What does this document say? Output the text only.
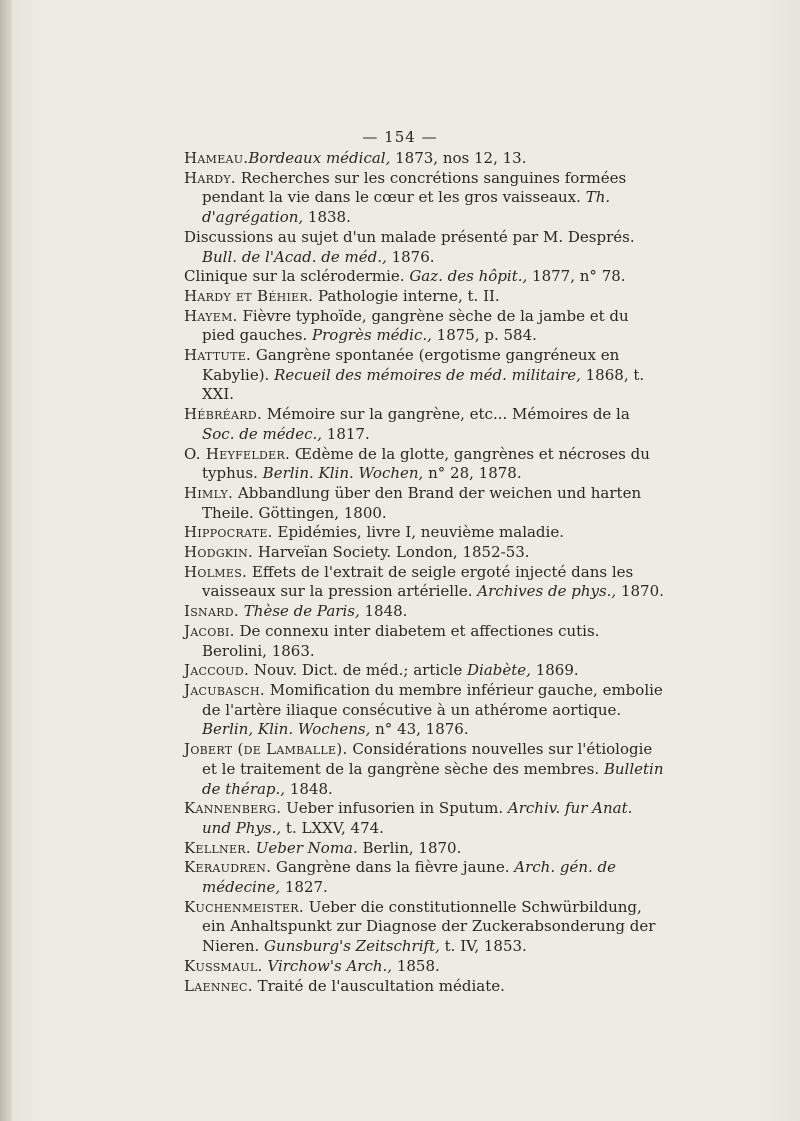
— 154 —

Hameau.Bordeaux médical, 1873, nos 12, 13.

Hardy. Recherches sur les concrétions sanguines formées pendant la vie dans le cœur et les gros vaisseaux. Th. d'agrégation, 1838.

Discussions au sujet d'un malade présenté par M. Després. Bull. de l'Acad. de méd., 1876.

Clinique sur la sclérodermie. Gaz. des hôpit., 1877, n° 78.

Hardy et Béhier. Pathologie interne, t. II.

Hayem. Fièvre typhoïde, gangrène sèche de la jambe et du pied gauches. Progrès médic., 1875, p. 584.

Hattute. Gangrène spontanée (ergotisme gangréneux en Kabylie). Recueil des mémoires de méd. militaire, 1868, t. XXI.

Hébréard. Mémoire sur la gangrène, etc... Mémoires de la Soc. de médec., 1817.

O. Heyfelder. Œdème de la glotte, gangrènes et nécroses du typhus. Berlin. Klin. Wochen, n° 28, 1878.

Himly. Abbandlung über den Brand der weichen und harten Theile. Göttingen, 1800.

Hippocrate. Epidémies, livre I, neuvième maladie.

Hodgkin. Harveïan Society. London, 1852-53.

Holmes. Effets de l'extrait de seigle ergoté injecté dans les vaisseaux sur la pression artérielle. Archives de phys., 1870.

Isnard. Thèse de Paris, 1848.

Jacobi. De connexu inter diabetem et affectiones cutis. Berolini, 1863.

Jaccoud. Nouv. Dict. de méd.; article Diabète, 1869.

Jacubasch. Momification du membre inférieur gauche, embolie de l'artère iliaque consécutive à un athérome aortique. Berlin, Klin. Wochens, n° 43, 1876.

Jobert (de Lamballe). Considérations nouvelles sur l'étiologie et le traitement de la gangrène sèche des membres. Bulletin de thérap., 1848.

Kannenberg. Ueber infusorien in Sputum. Archiv. fur Anat. und Phys., t. LXXV, 474.

Kellner. Ueber Noma. Berlin, 1870.

Keraudren. Gangrène dans la fièvre jaune. Arch. gén. de médecine, 1827.

Kuchenmeister. Ueber die constitutionnelle Schwürbildung, ein Anhaltspunkt zur Diagnose der Zuckerabsonderung der Nieren. Gunsburg's Zeitschrift, t. IV, 1853.

Kussmaul. Virchow's Arch., 1858.

Laennec. Traité de l'auscultation médiate.
